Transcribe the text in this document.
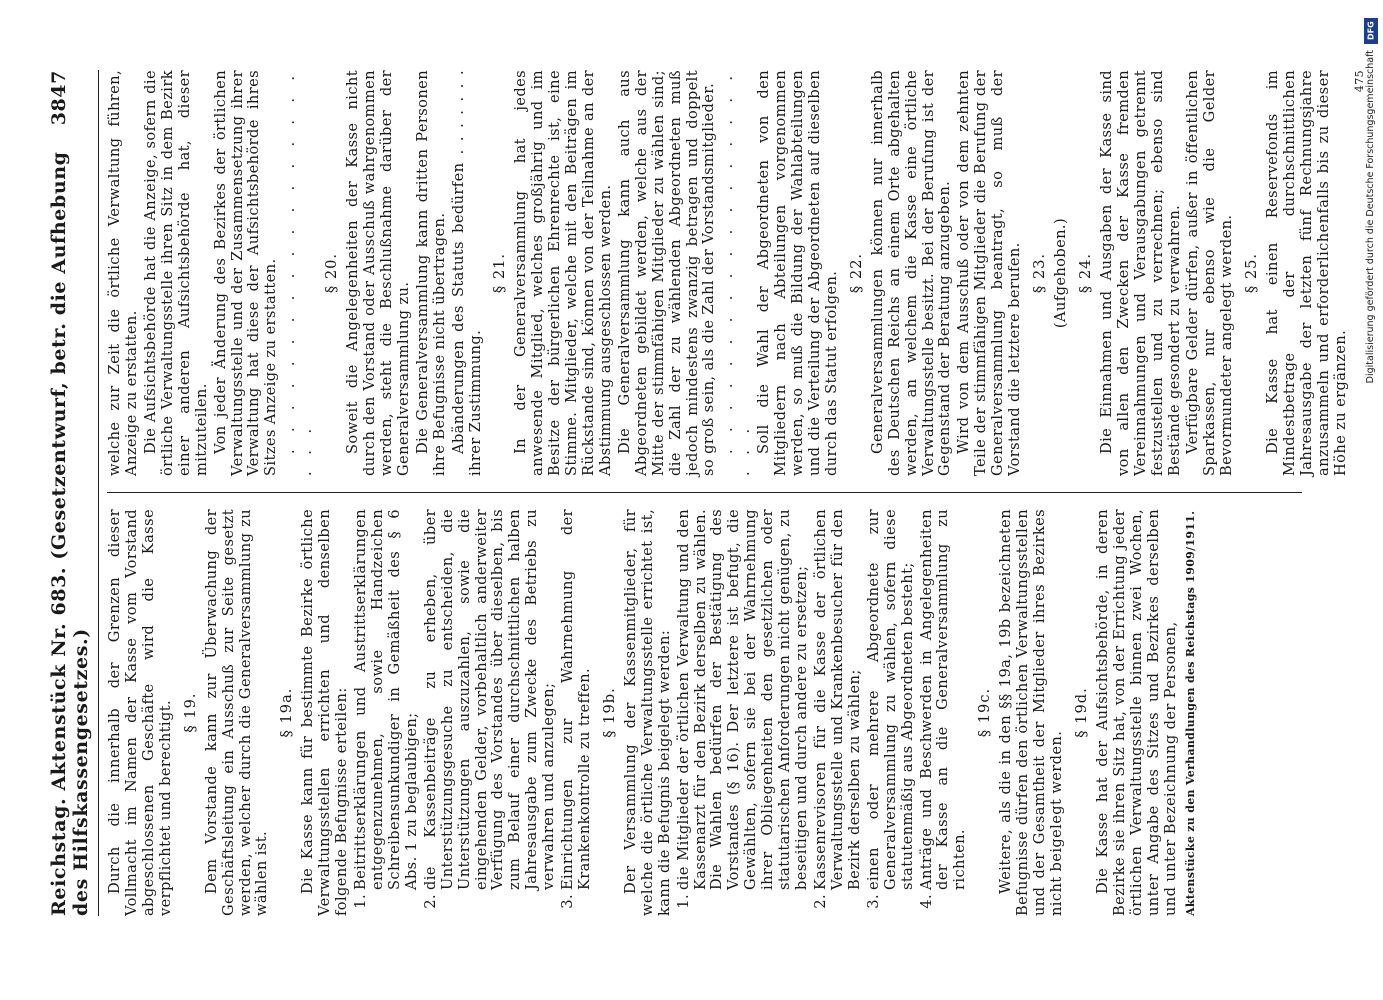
Reichstag. Aktenstück Nr. 683. (Gesetzentwurf, betr. die Aufhebung des Hilfskassengesetzes.)
3847

Durch die innerhalb der Grenzen dieser Vollmacht im Namen der Kasse vom Vorstand abgeschlossenen Geschäfte wird die Kasse verpflichtet und berechtigt. § 19. Dem Vorstande kann zur Überwachung der Geschäftsleitung ein Ausschuß zur Seite gesetzt werden, welcher durch die Generalversammlung zu wählen ist.

§ 19a. Die Kasse kann für bestimmte Bezirke örtliche Verwaltungsstellen errichten und denselben folgende Befugnisse erteilen: 1.
Beitrittserklärungen und Austrittserklärungen entgegenzunehmen, sowie Handzeichen Schreibensunkundiger in Gemäßheit des § 6 Abs. 1 zu beglaubigen;
2.
die Kassenbeiträge zu erheben, über Unterstützungsgesuche zu entscheiden, die Unterstützungen auszuzahlen, sowie die eingehenden Gelder, vorbehaltlich anderweiter Verfügung des Vorstandes über dieselben, bis zum Belauf einer durchschnittlichen halben Jahresausgabe zum Zwecke des Betriebs zu verwahren und anzulegen;
3.
Einrichtungen zur Wahrnehmung der Krankenkontrolle zu treffen. § 19b. Der Versammlung der Kassenmitglieder, für welche die örtliche Verwaltungsstelle errichtet ist, kann die Befugnis beigelegt werden: 1.
die Mitglieder der örtlichen Verwaltung und den Kassenarzt für den Bezirk derselben zu wählen. Die Wahlen bedürfen der Bestätigung des Vorstandes (§ 16). Der letztere ist befugt, die Gewählten, sofern sie bei der Wahrnehmung ihrer Obliegenheiten den gesetzlichen oder statutarischen Anforderungen nicht genügen, zu beseitigen und durch andere zu ersetzen;
2.
Kassenrevisoren für die Kasse der örtlichen Verwaltungsstelle und Krankenbesucher für den Bezirk derselben zu wählen;
3.
einen oder mehrere Abgeordnete zur Generalversammlung zu wählen, sofern diese statutenmäßig aus Abgeordneten besteht;
4.
Anträge und Beschwerden in Angelegenheiten der Kasse an die Generalversammlung zu richten.
§ 19c. Weitere, als die in den §§ 19a, 19b bezeichneten Befugnisse dürfen den örtlichen Verwaltungsstellen und der Gesamtheit der Mitglieder ihres Bezirkes nicht beigelegt werden.

§ 19d. Die Kasse hat der Aufsichtsbehörde, in deren Bezirke sie ihren Sitz hat, von der Errichtung jeder örtlichen Verwaltungsstelle binnen zwei Wochen, unter Angabe des Sitzes und Bezirkes derselben und unter Bezeichnung der Personen, Aktenstücke zu den Verhandlungen des Reichstags 1909/1911.

welche zur Zeit die örtliche Verwaltung führen, Anzeige zu erstatten. Die Aufsichtsbehörde hat die Anzeige, sofern die örtliche Verwaltungsstelle ihren Sitz in dem Bezirk einer anderen Aufsichtsbehörde hat, dieser mitzuteilen. Von jeder Änderung des Bezirkes der örtlichen Verwaltungsstelle und der Zusammensetzung ihrer Verwaltung hat diese der Aufsichtsbehörde ihres Sitzes Anzeige zu erstatten. . . . . . . . . . . . . . . . . . . . . .

§ 20. Soweit die Angelegenheiten der Kasse nicht durch den Vorstand oder Ausschuß wahrgenommen werden, steht die Beschlußnahme darüber der Generalversammlung zu. Die Generalversammlung kann dritten Personen ihre Befugnisse nicht übertragen. Abänderungen des Statuts bedürfen . . . . . . . ihrer Zustimmung.

§ 21. In der Generalversammlung hat jedes anwesende Mitglied, welches großjährig und im Besitze der bürgerlichen Ehrenrechte ist, eine Stimme. Mitglieder, welche mit den Beiträgen im Rückstande sind, können von der Teilnahme an der Abstimmung ausgeschlossen werden. Die Generalversammlung kann auch aus Abgeordneten gebildet werden, welche aus der Mitte der stimmfähigen Mitglieder zu wählen sind; die Zahl der zu wählenden Abgeordneten muß jedoch mindestens zwanzig betragen und doppelt so groß sein, als die Zahl der Vorstandsmitglieder. . . . . . . . . . . . . . . . . . . . . . Soll die Wahl der Abgeordneten von den Mitgliedern nach Abteilungen vorgenommen werden, so muß die Bildung der Wahlabteilungen und die Verteilung der Abgeordneten auf dieselben durch das Statut erfolgen. § 22. Generalversammlungen können nur innerhalb des Deutschen Reichs an einem Orte abgehalten werden, an welchem die Kasse eine örtliche Verwaltungsstelle besitzt. Bei der Berufung ist der Gegenstand der Beratung anzugeben. Wird von dem Ausschuß oder von dem zehnten Teile der stimmfähigen Mitglieder die Berufung der Generalversammlung beantragt, so muß der Vorstand die letztere berufen. § 23. (Aufgehoben.) § 24. Die Einnahmen und Ausgaben der Kasse sind von allen den Zwecken der Kasse fremden Vereinnahmungen und Verausgabungen getrennt festzustellen und zu verrechnen; ebenso sind Bestände gesondert zu verwahren. Verfügbare Gelder dürfen, außer in öffentlichen Sparkassen, nur ebenso wie die Gelder Bevormundeter angelegt werden. § 25. Die Kasse hat einen Reservefonds im Mindestbetrage der durchschnittlichen Jahresausgabe der letzten fünf Rechnungsjahre anzusammeln und erforderlichenfalls bis zu dieser Höhe zu ergänzen.

475
DFG
Digitalisierung gefördert durch die Deutsche Forschungsgemeinschaft
